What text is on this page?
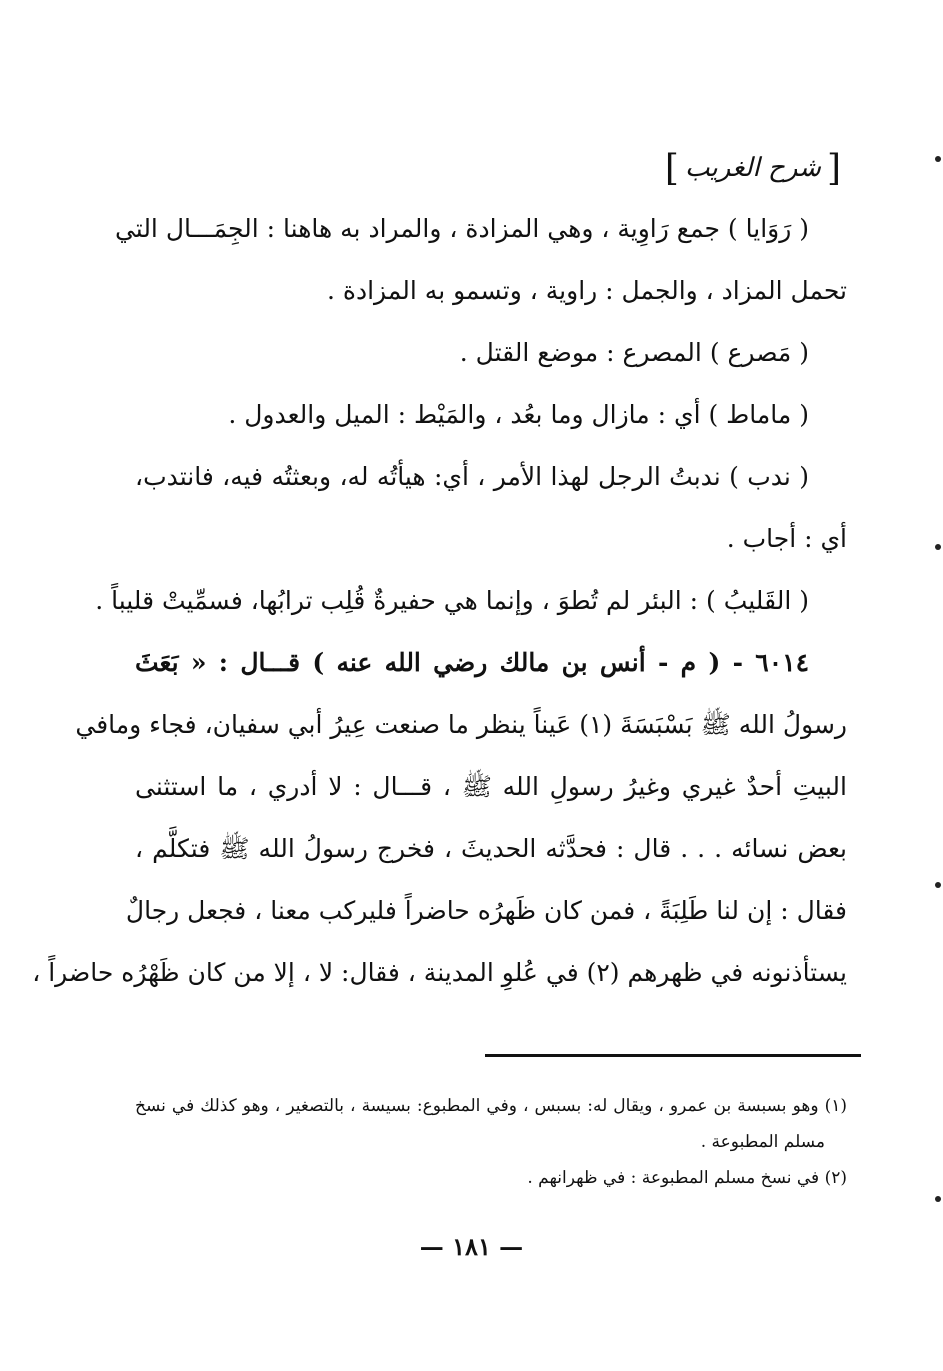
[شرح الغريب]
( رَوَايا ) جمع رَاوِية ، وهي المزادة ، والمراد به هاهنا : الجِمَـــال التي
تحمل المزاد ، والجمل : راوية ، وتسمو به المزادة .
( مَصرع ) المصرع : موضع القتل .
( ماماط ) أي : مازال وما بعُد ، والمَيْط : الميل والعدول .
( ندب ) ندبتُ الرجل لهذا الأمر ، أي: هيأتُه له، وبعثتُه فيه، فانتدب،
أي : أجاب .
( القَليبُ ) : البئر لم تُطوَ ، وإنما هي حفيرةٌ قُلِب ترابُها، فسمِّيتْ قليباً .
٦٠١٤ - ( م - أنس بن مالك رضي الله عنه ) قـــال : « بَعَثَ
رسولُ الله ﷺ بَسْبَسَةَ (١) عَيناً ينظر ما صنعت عِيرُ أبي سفيان، فجاء ومافي
البيتِ أحدٌ غيري وغيرُ رسولِ الله ﷺ ، قـــال : لا أدري ، ما استثنى
بعض نسائه . . . قال : فحدَّثه الحديثَ ، فخرج رسولُ الله ﷺ فتكلَّم ،
فقال : إن لنا طَلِبَةً ، فمن كان ظَهرُه حاضراً فليركب معنا ، فجعل رجالٌ
يستأذنونه في ظهرهم (٢) في عُلوِ المدينة ، فقال: لا ، إلا من كان ظَهْرُه حاضراً ،
(١) وهو بسبسة بن عمرو ، ويقال له: بسبس ، وفي المطبوع: بسيسة ، بالتصغير ، وهو كذلك في نسخ
مسلم المطبوعة .
(٢) في نسخ مسلم المطبوعة : في ظهرانهم .
— ١٨١ —
